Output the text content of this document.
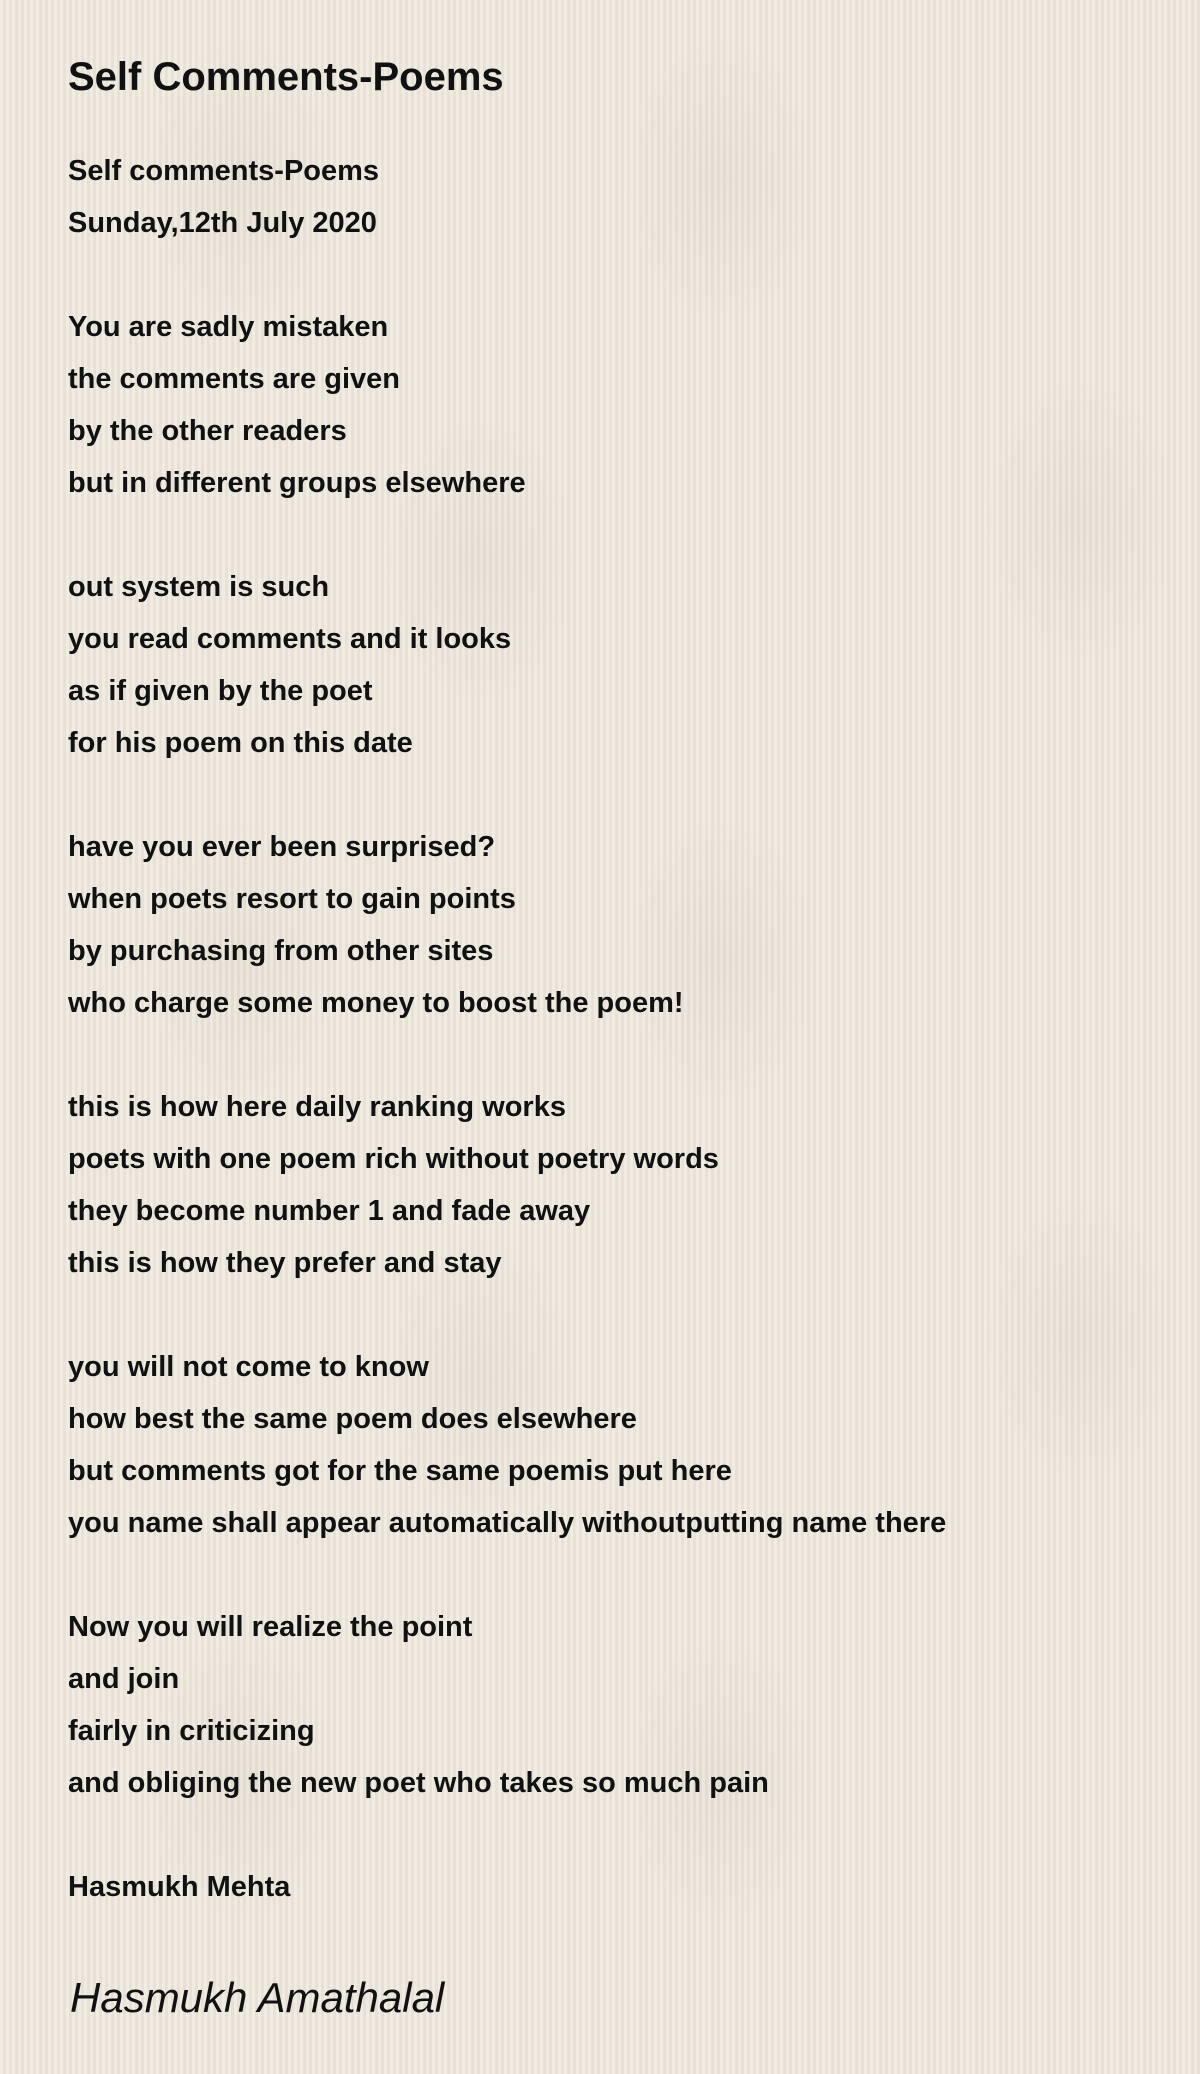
Self Comments-Poems
Self comments-Poems
Sunday,12th July 2020
You are sadly mistaken
the comments are given
by the other readers
but in different groups elsewhere
out system is such
you read comments and it looks
as if given by the poet
for his poem on this date
have you ever been surprised?
when poets resort to gain points
by purchasing from other sites
who charge some money to boost the poem!
this is how here daily ranking works
poets with one poem rich without poetry words
they become number 1 and fade away
this is how they prefer and stay
you will not come to know
how best the same poem does elsewhere
but comments got for the same poemis put here
you name shall appear automatically withoutputting name there
Now you will realize the point
and join
fairly in criticizing
and obliging the new poet who takes so much pain
Hasmukh Mehta
Hasmukh Amathalal
